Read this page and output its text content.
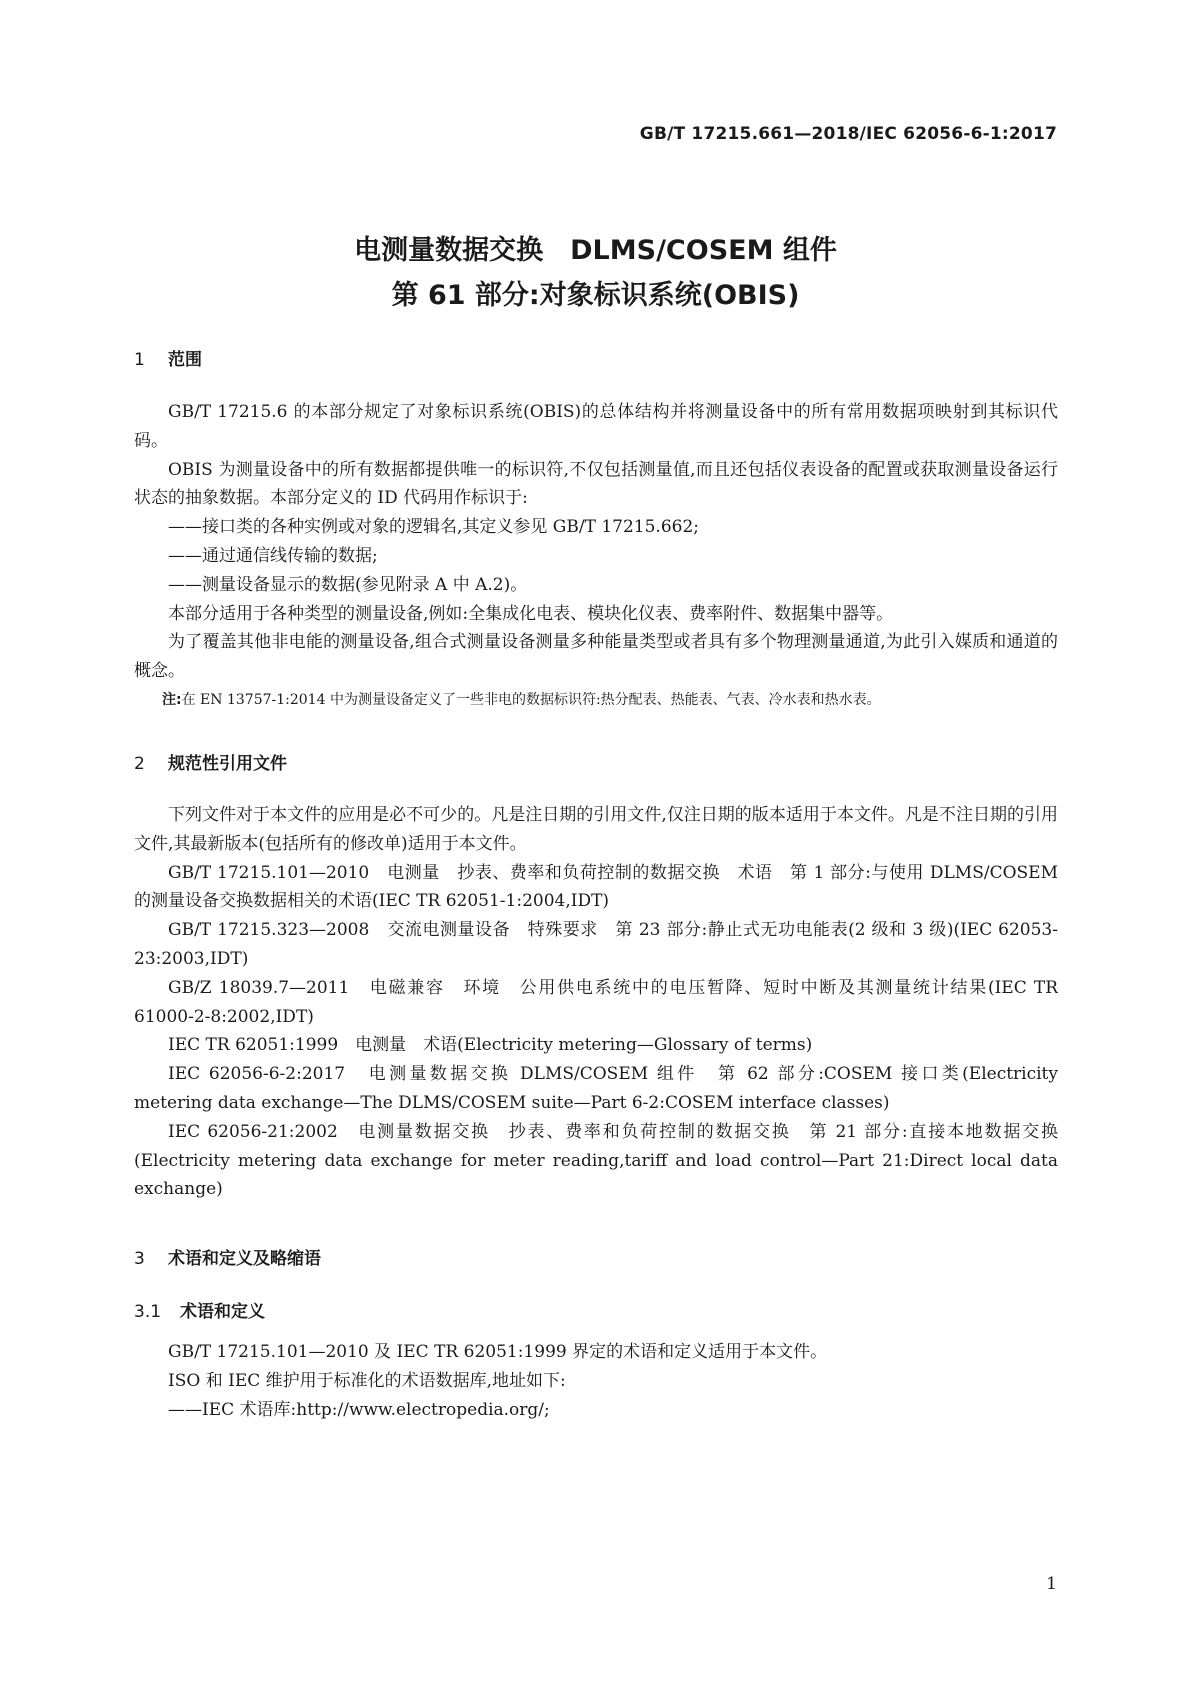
GB/T 17215.661—2018/IEC 62056-6-1:2017
电测量数据交换　DLMS/COSEM 组件
第 61 部分:对象标识系统(OBIS)
1 范围

GB/T 17215.6 的本部分规定了对象标识系统(OBIS)的总体结构并将测量设备中的所有常用数据项映射到其标识代码。

OBIS 为测量设备中的所有数据都提供唯一的标识符,不仅包括测量值,而且还包括仪表设备的配置或获取测量设备运行状态的抽象数据。本部分定义的 ID 代码用作标识于:

——接口类的各种实例或对象的逻辑名,其定义参见 GB/T 17215.662;

——通过通信线传输的数据;

——测量设备显示的数据(参见附录 A 中 A.2)。

本部分适用于各种类型的测量设备,例如:全集成化电表、模块化仪表、费率附件、数据集中器等。

为了覆盖其他非电能的测量设备,组合式测量设备测量多种能量类型或者具有多个物理测量通道,为此引入媒质和通道的概念。

注:在 EN 13757-1:2014 中为测量设备定义了一些非电的数据标识符:热分配表、热能表、气表、冷水表和热水表。

2 规范性引用文件

下列文件对于本文件的应用是必不可少的。凡是注日期的引用文件,仅注日期的版本适用于本文件。凡是不注日期的引用文件,其最新版本(包括所有的修改单)适用于本文件。

GB/T 17215.101—2010　电测量　抄表、费率和负荷控制的数据交换　术语　第 1 部分:与使用 DLMS/COSEM 的测量设备交换数据相关的术语(IEC TR 62051-1:2004,IDT)

GB/T 17215.323—2008　交流电测量设备　特殊要求　第 23 部分:静止式无功电能表(2 级和 3 级)(IEC 62053-23:2003,IDT)

GB/Z 18039.7—2011　电磁兼容　环境　公用供电系统中的电压暂降、短时中断及其测量统计结果(IEC TR 61000-2-8:2002,IDT)

IEC TR 62051:1999　电测量　术语(Electricity metering—Glossary of terms)

IEC 62056-6-2:2017　电测量数据交换 DLMS/COSEM 组件　第 62 部分:COSEM 接口类(Electricity metering data exchange—The DLMS/COSEM suite—Part 6-2:COSEM interface classes)

IEC 62056-21:2002　电测量数据交换　抄表、费率和负荷控制的数据交换　第 21 部分:直接本地数据交换(Electricity metering data exchange for meter reading,tariff and load control—Part 21:Direct local data exchange)

3 术语和定义及略缩语
3.1 术语和定义

GB/T 17215.101—2010 及 IEC TR 62051:1999 界定的术语和定义适用于本文件。

ISO 和 IEC 维护用于标准化的术语数据库,地址如下:

——IEC 术语库:http://www.electropedia.org/;

1
